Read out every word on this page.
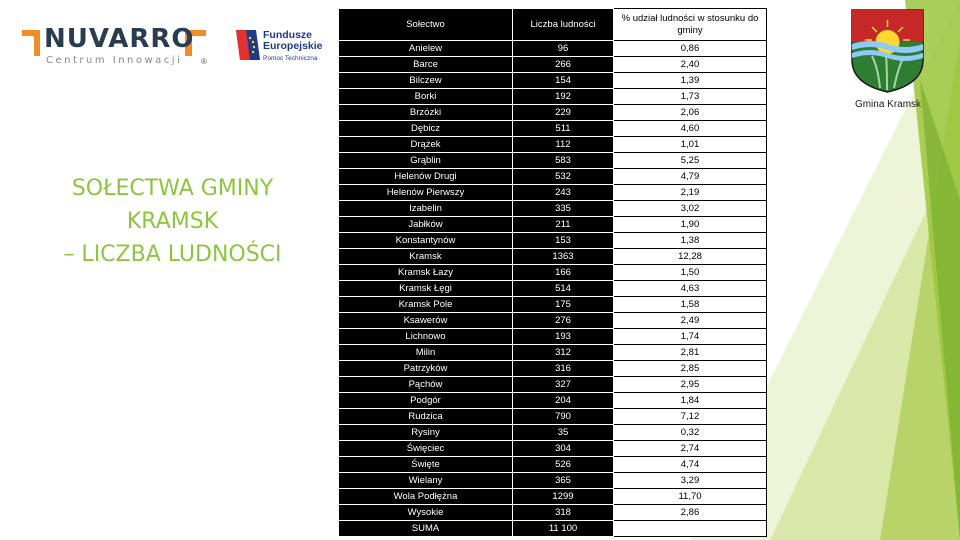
NUVARRO
Centrum Innowacji ®
Fundusze
Europejskie
Pomoc Techniczna
SOŁECTWA GMINY
KRAMSK
– LICZBA LUDNOŚCI
Sołectwo	Liczba ludności	% udział ludności w stosunku do gminy
Anielew	96	0,86
Barce	266	2,40
Bilczew	154	1,39
Borki	192	1,73
Brzózki	229	2,06
Dębicz	511	4,60
Drążek	112	1,01
Grąblin	583	5,25
Helenów Drugi	532	4,79
Helenów Pierwszy	243	2,19
Izabelin	335	3,02
Jabłków	211	1,90
Konstantynów	153	1,38
Kramsk	1363	12,28
Kramsk Łazy	166	1,50
Kramsk Łęgi	514	4,63
Kramsk Pole	175	1,58
Ksawerów	276	2,49
Lichnowo	193	1,74
Milin	312	2,81
Patrzyków	316	2,85
Pąchów	327	2,95
Podgór	204	1,84
Rudzica	790	7,12
Rysiny	35	0,32
Święciec	304	2,74
Święte	526	4,74
Wielany	365	3,29
Wola Podłężna	1299	11,70
Wysokie	318	2,86
SUMA	11 100	
Gmina Kramsk
